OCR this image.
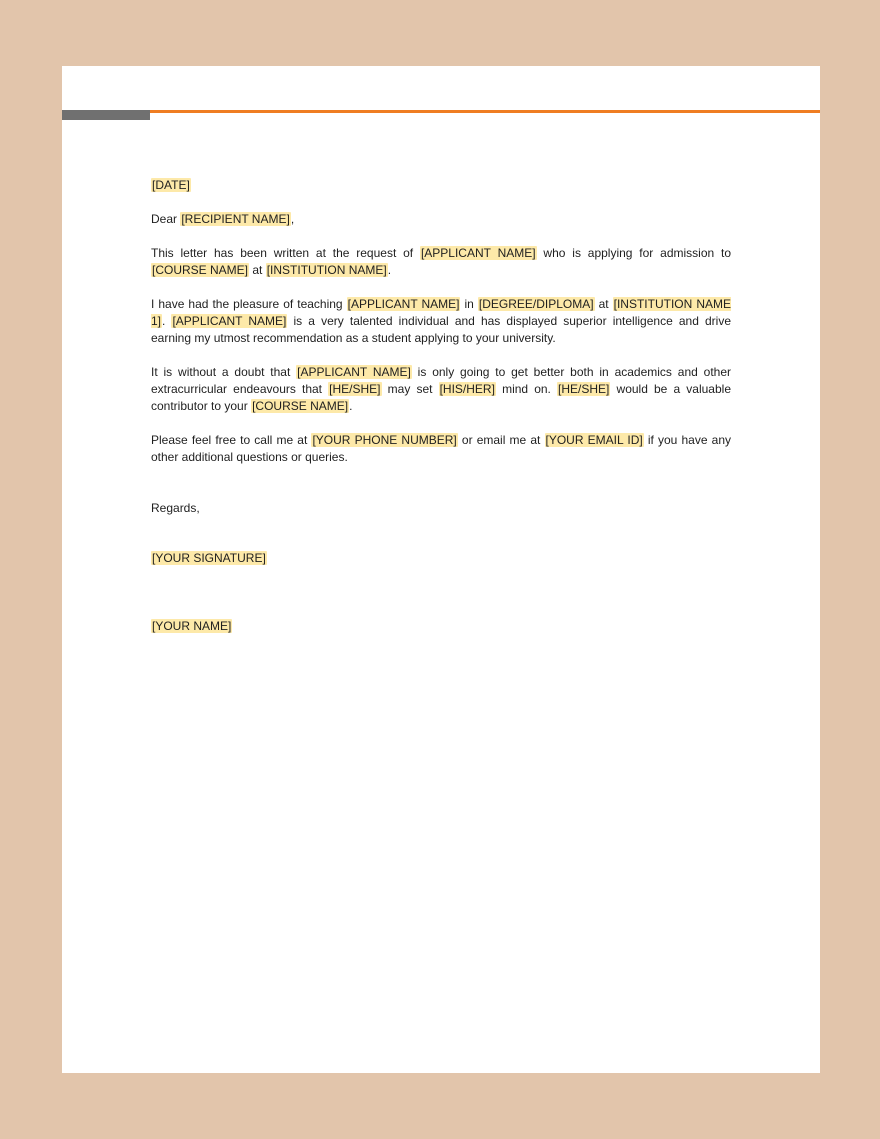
[DATE]

Dear [RECIPIENT NAME],

This letter has been written at the request of [APPLICANT NAME] who is applying for admission to [COURSE NAME] at [INSTITUTION NAME].

I have had the pleasure of teaching [APPLICANT NAME] in [DEGREE/DIPLOMA] at [INSTITUTION NAME 1]. [APPLICANT NAME] is a very talented individual and has displayed superior intelligence and drive earning my utmost recommendation as a student applying to your university.

It is without a doubt that [APPLICANT NAME] is only going to get better both in academics and other extracurricular endeavours that [HE/SHE] may set [HIS/HER] mind on. [HE/SHE] would be a valuable contributor to your [COURSE NAME].

Please feel free to call me at [YOUR PHONE NUMBER] or email me at [YOUR EMAIL ID] if you have any other additional questions or queries.

Regards,

[YOUR SIGNATURE]

[YOUR NAME]
